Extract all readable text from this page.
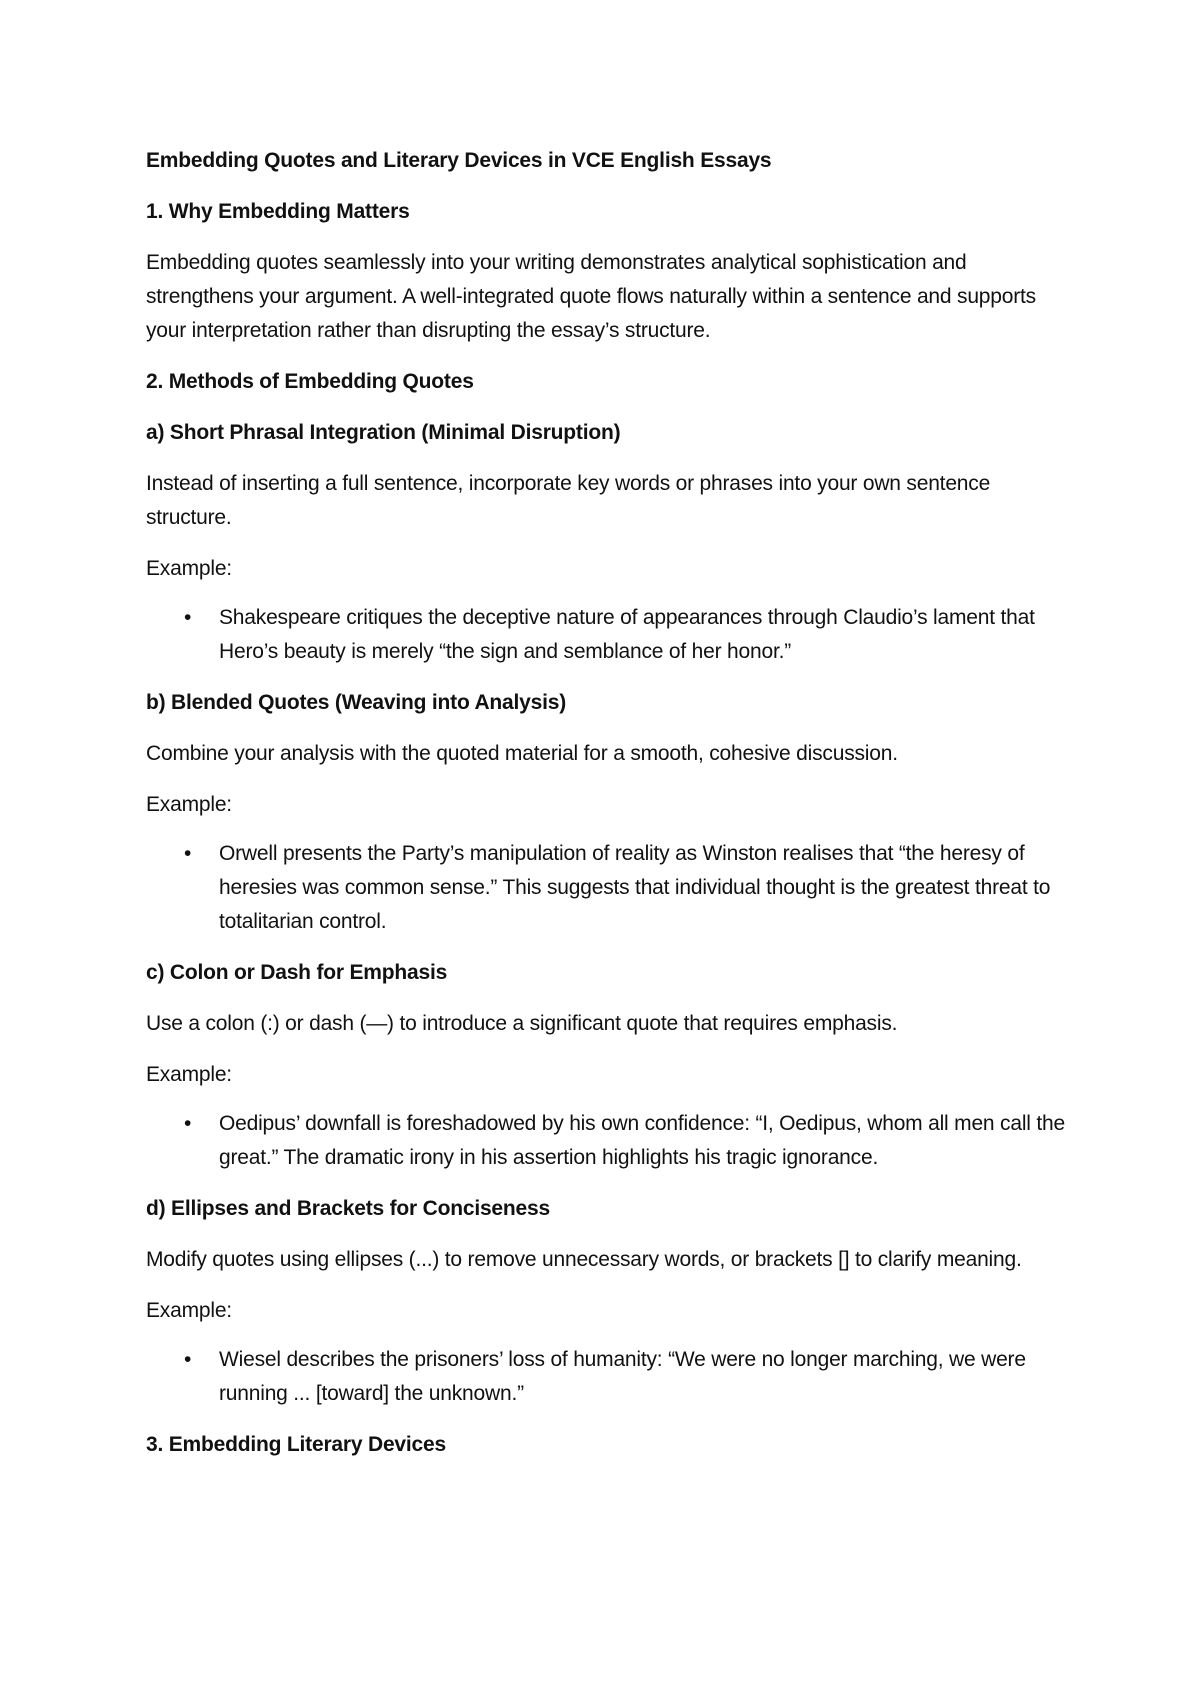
Embedding Quotes and Literary Devices in VCE English Essays
1. Why Embedding Matters
Embedding quotes seamlessly into your writing demonstrates analytical sophistication and strengthens your argument. A well-integrated quote flows naturally within a sentence and supports your interpretation rather than disrupting the essay’s structure.
2. Methods of Embedding Quotes
a) Short Phrasal Integration (Minimal Disruption)
Instead of inserting a full sentence, incorporate key words or phrases into your own sentence structure.
Example:
• Shakespeare critiques the deceptive nature of appearances through Claudio’s lament that Hero’s beauty is merely “the sign and semblance of her honor.”
b) Blended Quotes (Weaving into Analysis)
Combine your analysis with the quoted material for a smooth, cohesive discussion.
Example:
• Orwell presents the Party’s manipulation of reality as Winston realises that “the heresy of heresies was common sense.” This suggests that individual thought is the greatest threat to totalitarian control.
c) Colon or Dash for Emphasis
Use a colon (:) or dash (—) to introduce a significant quote that requires emphasis.
Example:
• Oedipus’ downfall is foreshadowed by his own confidence: “I, Oedipus, whom all men call the great.” The dramatic irony in his assertion highlights his tragic ignorance.
d) Ellipses and Brackets for Conciseness
Modify quotes using ellipses (...) to remove unnecessary words, or brackets [] to clarify meaning.
Example:
• Wiesel describes the prisoners’ loss of humanity: “We were no longer marching, we were running ... [toward] the unknown.”
3. Embedding Literary Devices
